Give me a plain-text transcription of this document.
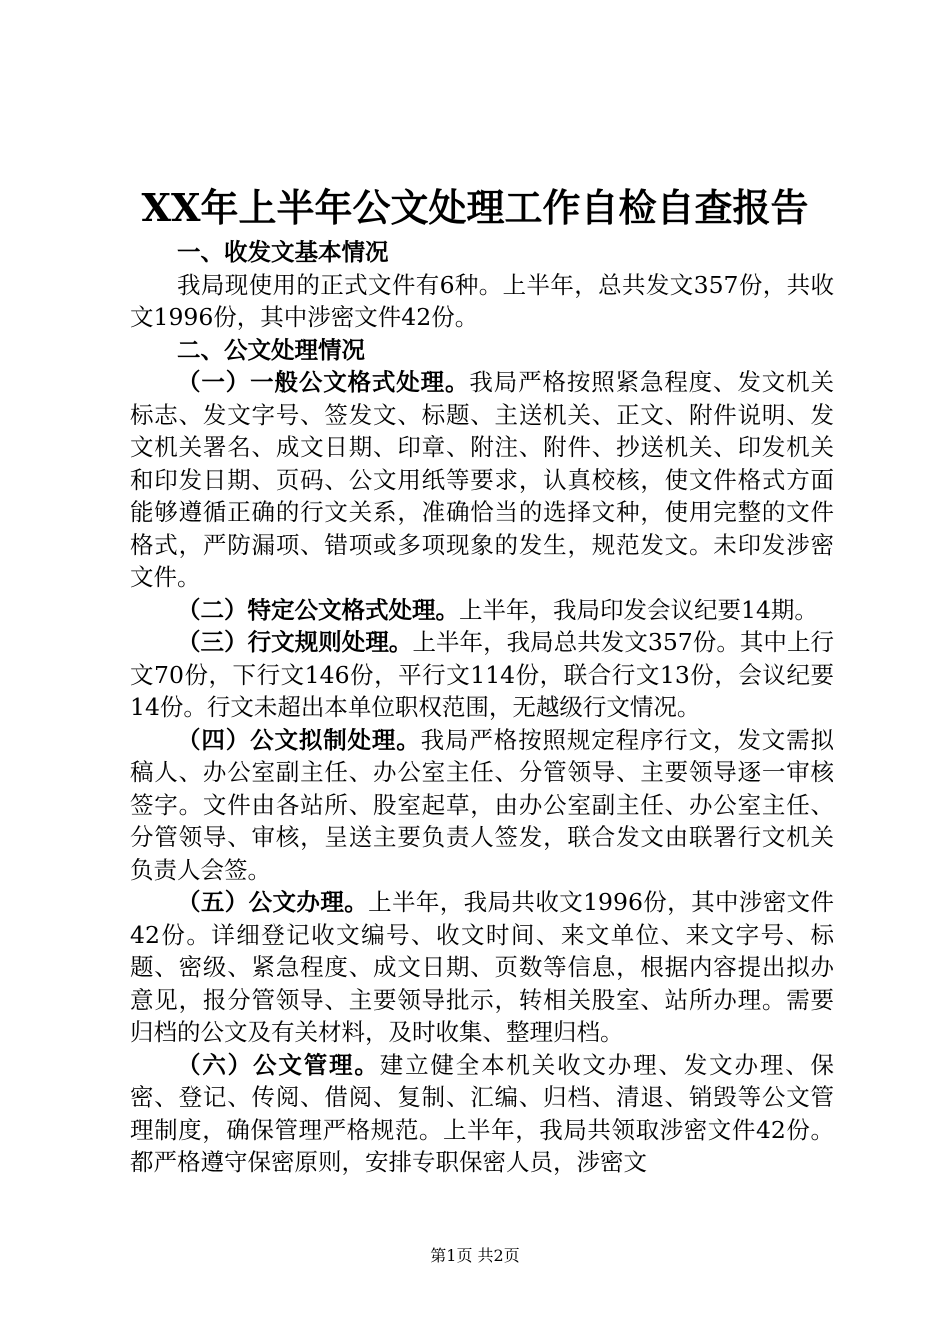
XX年上半年公文处理工作自检自查报告

一、收发文基本情况

我局现使用的正式文件有6种。上半年，总共发文357份，共收文1996份，其中涉密文件42份。

二、公文处理情况

（一）一般公文格式处理。我局严格按照紧急程度、发文机关标志、发文字号、签发文、标题、主送机关、正文、附件说明、发文机关署名、成文日期、印章、附注、附件、抄送机关、印发机关和印发日期、页码、公文用纸等要求，认真校核，使文件格式方面能够遵循正确的行文关系，准确恰当的选择文种，使用完整的文件格式，严防漏项、错项或多项现象的发生，规范发文。未印发涉密文件。

（二）特定公文格式处理。上半年，我局印发会议纪要14期。

（三）行文规则处理。上半年，我局总共发文357份。其中上行文70份，下行文146份，平行文114份，联合行文13份，会议纪要14份。行文未超出本单位职权范围，无越级行文情况。

（四）公文拟制处理。我局严格按照规定程序行文，发文需拟稿人、办公室副主任、办公室主任、分管领导、主要领导逐一审核签字。文件由各站所、股室起草，由办公室副主任、办公室主任、分管领导、审核，呈送主要负责人签发，联合发文由联署行文机关负责人会签。

（五）公文办理。上半年，我局共收文1996份，其中涉密文件42份。详细登记收文编号、收文时间、来文单位、来文字号、标题、密级、紧急程度、成文日期、页数等信息，根据内容提出拟办意见，报分管领导、主要领导批示，转相关股室、站所办理。需要归档的公文及有关材料，及时收集、整理归档。

（六）公文管理。建立健全本机关收文办理、发文办理、保密、登记、传阅、借阅、复制、汇编、归档、清退、销毁等公文管理制度，确保管理严格规范。上半年，我局共领取涉密文件42份。都严格遵守保密原则，安排专职保密人员，涉密文

第1页 共2页
